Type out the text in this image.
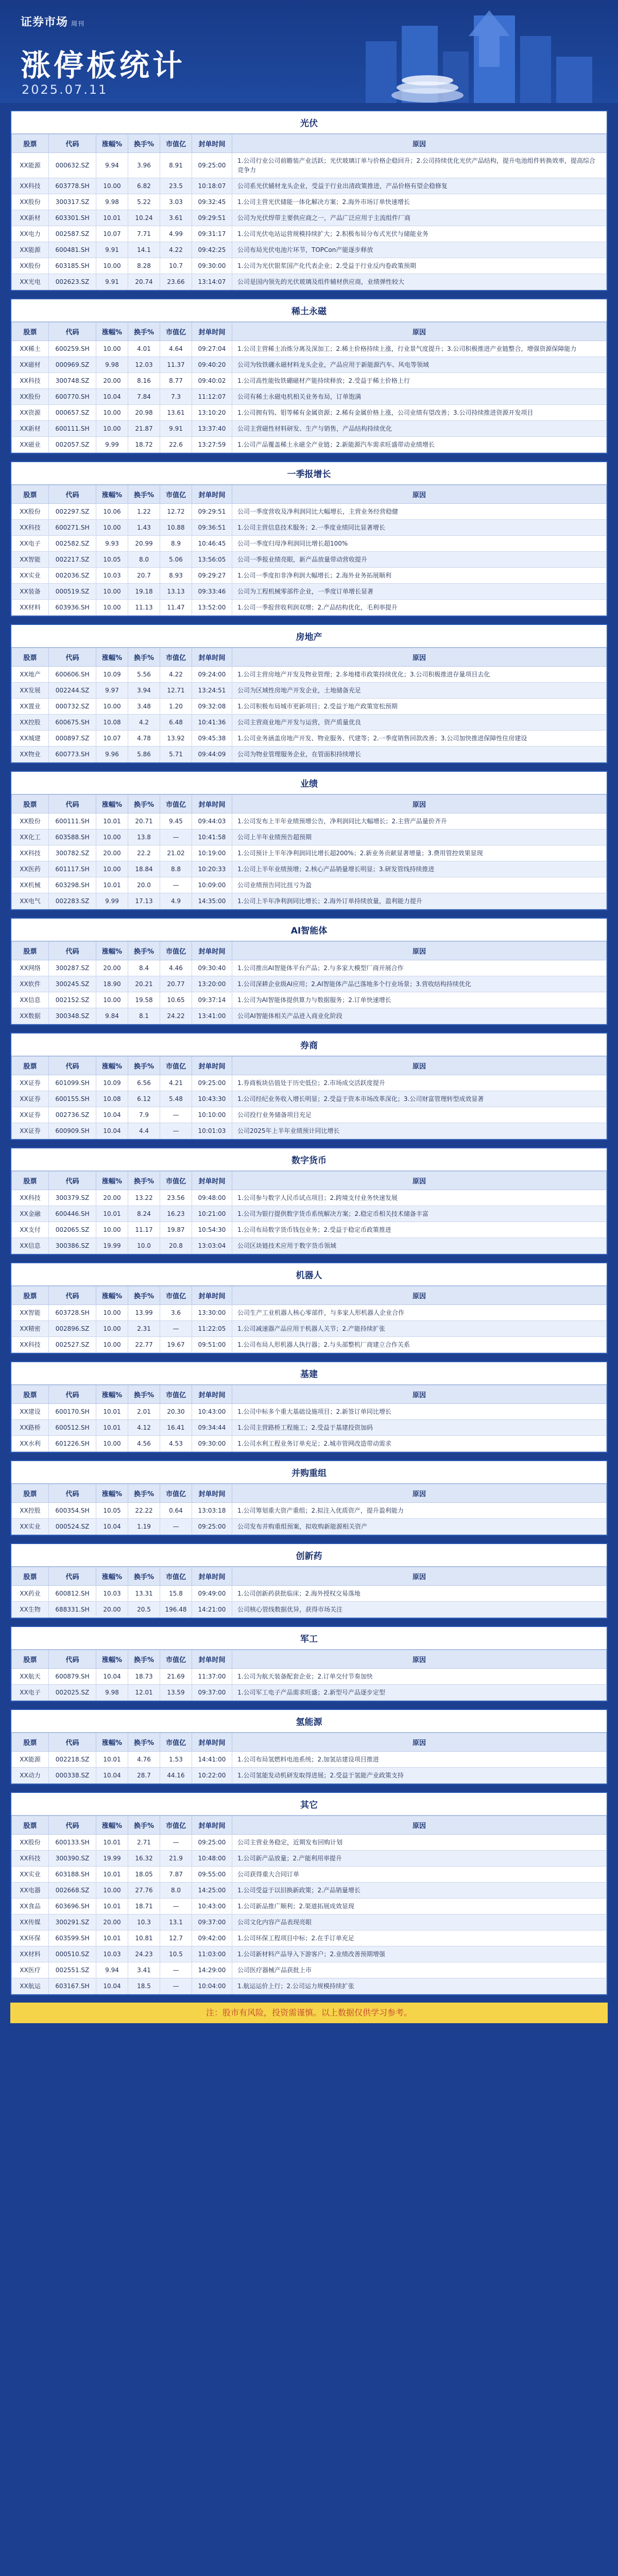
证券市场 周刊
涨停板统计
2025.07.11
光伏
股票	代码	涨幅%	换手%	市值亿	封单时间	原因
XX能源	000632.SZ	9.94	3.96	8.91	09:25:00	1.公司行业公司前瞻装产业活跃；光伏玻璃订单与价格企稳回升；2.公司持续优化光伏产品结构，提升电池组件转换效率，提高综合竞争力
XX科技	603778.SH	10.00	6.82	23.5	10:18:07	公司系光伏辅材龙头企业，受益于行业出清政策推进，产品价格有望企稳修复
XX股份	300317.SZ	9.98	5.22	3.03	09:32:45	1.公司主营光伏储能一体化解决方案；2.海外市场订单快速增长
XX新材	603301.SH	10.01	10.24	3.61	09:29:51	公司为光伏焊带主要供应商之一，产品广泛应用于主流组件厂商
XX电力	002587.SZ	10.07	7.71	4.99	09:31:17	1.公司光伏电站运营规模持续扩大；2.积极布局分布式光伏与储能业务
XX能源	600481.SH	9.91	14.1	4.22	09:42:25	公司布局光伏电池片环节，TOPCon产能逐步释放
XX股份	603185.SH	10.00	8.28	10.7	09:30:00	1.公司为光伏银浆国产化代表企业；2.受益于行业反内卷政策预期
XX光电	002623.SZ	9.91	20.74	23.66	13:14:07	公司是国内领先的光伏玻璃及组件辅材供应商，业绩弹性较大
稀土永磁
股票	代码	涨幅%	换手%	市值亿	封单时间	原因
XX稀土	600259.SH	10.00	4.01	4.64	09:27:04	1.公司主营稀土冶炼分离及深加工；2.稀土价格持续上涨，行业景气度提升；3.公司积极推进产业链整合，增强资源保障能力
XX磁材	000969.SZ	9.98	12.03	11.37	09:40:20	公司为钕铁硼永磁材料龙头企业，产品应用于新能源汽车、风电等领域
XX科技	300748.SZ	20.00	8.16	8.77	09:40:02	1.公司高性能钕铁硼磁材产能持续释放；2.受益于稀土价格上行
XX股份	600770.SH	10.04	7.84	7.3	11:12:07	公司有稀土永磁电机相关业务布局，订单饱满
XX资源	000657.SZ	10.00	20.98	13.61	13:10:20	1.公司拥有钨、钼等稀有金属资源；2.稀有金属价格上涨，公司业绩有望改善；3.公司持续推进资源开发项目
XX新材	600111.SH	10.00	21.87	9.91	13:37:40	公司主营磁性材料研发、生产与销售，产品结构持续优化
XX磁业	002057.SZ	9.99	18.72	22.6	13:27:59	1.公司产品覆盖稀土永磁全产业链；2.新能源汽车需求旺盛带动业绩增长
一季报增长
股票	代码	涨幅%	换手%	市值亿	封单时间	原因
XX股份	002297.SZ	10.06	1.22	12.72	09:29:51	公司一季度营收及净利润同比大幅增长，主营业务经营稳健
XX科技	600271.SH	10.00	1.43	10.88	09:36:51	1.公司主营信息技术服务；2.一季度业绩同比显著增长
XX电子	002582.SZ	9.93	20.99	8.9	10:46:45	公司一季度归母净利润同比增长超100%
XX智能	002217.SZ	10.05	8.0	5.06	13:56:05	公司一季报业绩亮眼，新产品放量带动营收提升
XX实业	002036.SZ	10.03	20.7	8.93	09:29:27	1.公司一季度扣非净利润大幅增长；2.海外业务拓展顺利
XX装备	000519.SZ	10.00	19.18	13.13	09:33:46	公司为工程机械零部件企业，一季度订单增长显著
XX材料	603936.SH	10.00	11.13	11.47	13:52:00	1.公司一季报营收利润双增；2.产品结构优化，毛利率提升
房地产
股票	代码	涨幅%	换手%	市值亿	封单时间	原因
XX地产	600606.SH	10.09	5.56	4.22	09:24:00	1.公司主营房地产开发及物业管理；2.多地楼市政策持续优化；3.公司积极推进存量项目去化
XX发展	002244.SZ	9.97	3.94	12.71	13:24:51	公司为区域性房地产开发企业，土地储备充足
XX置业	000732.SZ	10.00	3.48	1.20	09:32:08	1.公司积极布局城市更新项目；2.受益于地产政策宽松预期
XX控股	600675.SH	10.08	4.2	6.48	10:41:36	公司主营商业地产开发与运营，资产质量优良
XX城建	000897.SZ	10.07	4.78	13.92	09:45:38	1.公司业务涵盖房地产开发、物业服务、代建等；2.一季度销售回款改善；3.公司加快推进保障性住房建设
XX物业	600773.SH	9.96	5.86	5.71	09:44:09	公司为物业管理服务企业，在管面积持续增长
业绩
股票	代码	涨幅%	换手%	市值亿	封单时间	原因
XX股份	600111.SH	10.01	20.71	9.45	09:44:03	1.公司发布上半年业绩预增公告，净利润同比大幅增长；2.主营产品量价齐升
XX化工	603588.SH	10.00	13.8	—	10:41:58	公司上半年业绩预告超预期
XX科技	300782.SZ	20.00	22.2	21.02	10:19:00	1.公司预计上半年净利润同比增长超200%；2.新业务贡献显著增量；3.费用管控效果显现
XX医药	601117.SH	10.00	18.84	8.8	10:20:33	1.公司上半年业绩预增；2.核心产品销量增长明显；3.研发管线持续推进
XX机械	603298.SH	10.01	20.0	—	10:09:00	公司业绩预告同比扭亏为盈
XX电气	002283.SZ	9.99	17.13	4.9	14:35:00	1.公司上半年净利润同比增长；2.海外订单持续放量，盈利能力提升
AI智能体
股票	代码	涨幅%	换手%	市值亿	封单时间	原因
XX网络	300287.SZ	20.00	8.4	4.46	09:30:40	1.公司推出AI智能体平台产品；2.与多家大模型厂商开展合作
XX软件	300245.SZ	18.90	20.21	20.77	13:20:00	1.公司深耕企业级AI应用；2.AI智能体产品已落地多个行业场景；3.营收结构持续优化
XX信息	002152.SZ	10.00	19.58	10.65	09:37:14	1.公司为AI智能体提供算力与数据服务；2.订单快速增长
XX数据	300348.SZ	9.84	8.1	24.22	13:41:00	公司AI智能体相关产品进入商业化阶段
券商
股票	代码	涨幅%	换手%	市值亿	封单时间	原因
XX证券	601099.SH	10.09	6.56	4.21	09:25:00	1.券商板块估值处于历史低位；2.市场成交活跃度提升
XX证券	600155.SH	10.08	6.12	5.48	10:43:30	1.公司经纪业务收入增长明显；2.受益于资本市场改革深化；3.公司财富管理转型成效显著
XX证券	002736.SZ	10.04	7.9	—	10:10:00	公司投行业务储备项目充足
XX证券	600909.SH	10.04	4.4	—	10:01:03	公司2025年上半年业绩预计同比增长
数字货币
股票	代码	涨幅%	换手%	市值亿	封单时间	原因
XX科技	300379.SZ	20.00	13.22	23.56	09:48:00	1.公司参与数字人民币试点项目；2.跨境支付业务快速发展
XX金融	600446.SH	10.01	8.24	16.23	10:21:00	1.公司为银行提供数字货币系统解决方案；2.稳定币相关技术储备丰富
XX支付	002065.SZ	10.00	11.17	19.87	10:54:30	1.公司布局数字货币钱包业务；2.受益于稳定币政策推进
XX信息	300386.SZ	19.99	10.0	20.8	13:03:04	公司区块链技术应用于数字货币领域
机器人
股票	代码	涨幅%	换手%	市值亿	封单时间	原因
XX智能	603728.SH	10.00	13.99	3.6	13:30:00	公司生产工业机器人核心零部件，与多家人形机器人企业合作
XX精密	002896.SZ	10.00	2.31	—	11:22:05	1.公司减速器产品应用于机器人关节；2.产能持续扩张
XX科技	002527.SZ	10.00	22.77	19.67	09:51:00	1.公司布局人形机器人执行器；2.与头部整机厂商建立合作关系
基建
股票	代码	涨幅%	换手%	市值亿	封单时间	原因
XX建设	600170.SH	10.01	2.01	20.30	10:43:00	1.公司中标多个重大基础设施项目；2.新签订单同比增长
XX路桥	600512.SH	10.01	4.12	16.41	09:34:44	1.公司主营路桥工程施工；2.受益于基建投资加码
XX水利	601226.SH	10.00	4.56	4.53	09:30:00	1.公司水利工程业务订单充足；2.城市管网改造带动需求
并购重组
股票	代码	涨幅%	换手%	市值亿	封单时间	原因
XX控股	600354.SH	10.05	22.22	0.64	13:03:18	1.公司筹划重大资产重组；2.拟注入优质资产，提升盈利能力
XX实业	000524.SZ	10.04	1.19	—	09:25:00	公司发布并购重组预案，拟收购新能源相关资产
创新药
股票	代码	涨幅%	换手%	市值亿	封单时间	原因
XX药业	600812.SH	10.03	13.31	15.8	09:49:00	1.公司创新药获批临床；2.海外授权交易落地
XX生物	688331.SH	20.00	20.5	196.48	14:21:00	公司核心管线数据优异，获得市场关注
军工
股票	代码	涨幅%	换手%	市值亿	封单时间	原因
XX航天	600879.SH	10.04	18.73	21.69	11:37:00	1.公司为航天装备配套企业；2.订单交付节奏加快
XX电子	002025.SZ	9.98	12.01	13.59	09:37:00	1.公司军工电子产品需求旺盛；2.新型号产品逐步定型
氢能源
股票	代码	涨幅%	换手%	市值亿	封单时间	原因
XX能源	002218.SZ	10.01	4.76	1.53	14:41:00	1.公司布局氢燃料电池系统；2.加氢站建设项目推进
XX动力	000338.SZ	10.04	28.7	44.16	10:22:00	1.公司氢能发动机研发取得进展；2.受益于氢能产业政策支持
其它
股票	代码	涨幅%	换手%	市值亿	封单时间	原因
XX股份	600133.SH	10.01	2.71	—	09:25:00	公司主营业务稳定，近期发布回购计划
XX科技	300390.SZ	19.99	16.32	21.9	10:48:00	1.公司新产品放量；2.产能利用率提升
XX实业	603188.SH	10.01	18.05	7.87	09:55:00	公司获得重大合同订单
XX电器	002668.SZ	10.00	27.76	8.0	14:25:00	1.公司受益于以旧换新政策；2.产品销量增长
XX食品	603696.SH	10.01	18.71	—	10:43:00	1.公司新品推广顺利；2.渠道拓展成效显现
XX传媒	300291.SZ	20.00	10.3	13.1	09:37:00	公司文化内容产品表现亮眼
XX环保	603599.SH	10.01	10.81	12.7	09:42:00	1.公司环保工程项目中标；2.在手订单充足
XX材料	000510.SZ	10.03	24.23	10.5	11:03:00	1.公司新材料产品导入下游客户；2.业绩改善预期增强
XX医疗	002551.SZ	9.94	3.41	—	14:29:00	公司医疗器械产品获批上市
XX航运	603167.SH	10.04	18.5	—	10:04:00	1.航运运价上行；2.公司运力规模持续扩张
注：股市有风险，投资需谨慎。以上数据仅供学习参考。
